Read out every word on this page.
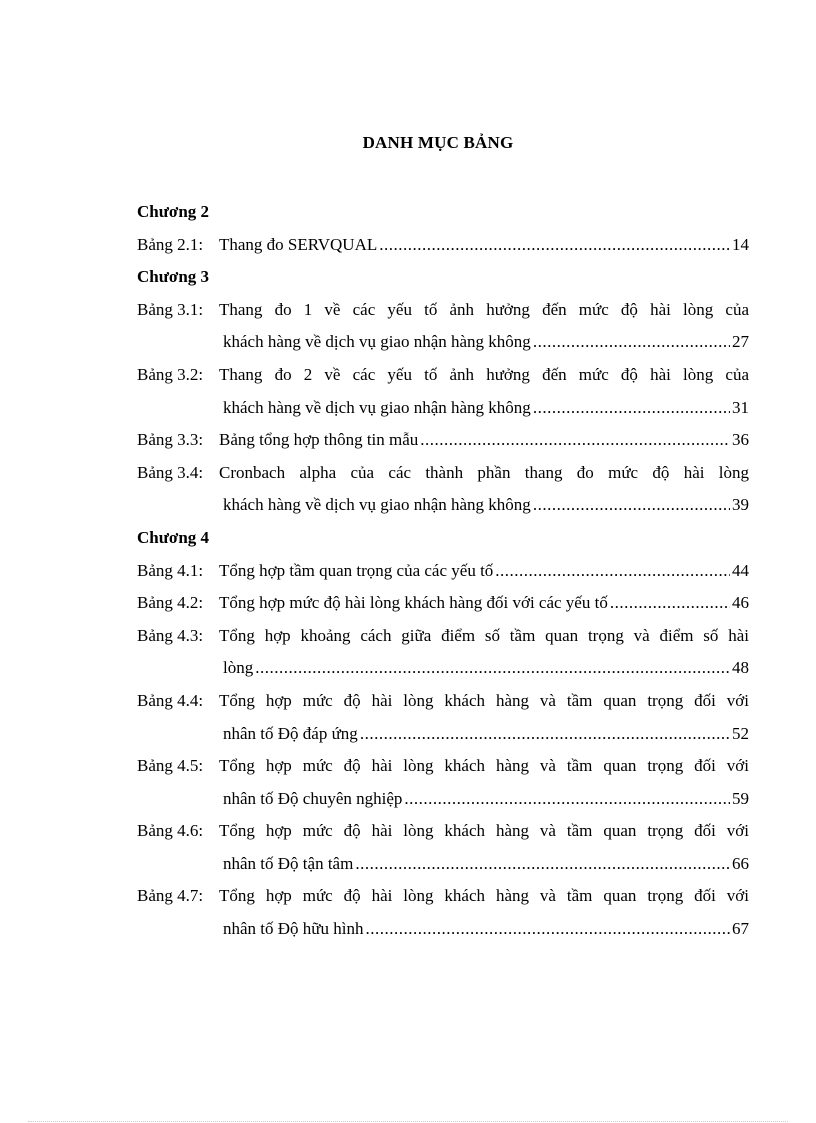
DANH MỤC BẢNG
Chương 2
Bảng 2.1: Thang đo SERVQUAL .....	14
Chương 3
Bảng 3.1: Thang đo 1 về các yếu tố ảnh hưởng đến mức độ hài lòng của
khách hàng về dịch vụ giao nhận hàng không .....	27
Bảng 3.2: Thang đo 2 về các yếu tố ảnh hưởng đến mức độ hài lòng của
khách hàng về dịch vụ giao nhận hàng không .....	31
Bảng 3.3: Bảng tổng hợp thông tin mẫu .....	36
Bảng 3.4: Cronbach alpha của các thành phần thang đo mức độ hài lòng
khách hàng về dịch vụ giao nhận hàng không .....	39
Chương 4
Bảng 4.1: Tổng hợp tầm quan trọng của các yếu tố .....	44
Bảng 4.2: Tổng hợp mức độ hài lòng khách hàng đối với các yếu tố .....	46
Bảng 4.3: Tổng hợp khoảng cách giữa điểm số tầm quan trọng và điểm số hài
lòng .....	48
Bảng 4.4: Tổng hợp mức độ hài lòng khách hàng và tầm quan trọng đối với
nhân tố Độ đáp ứng .....	52
Bảng 4.5: Tổng hợp mức độ hài lòng khách hàng và tầm quan trọng đối với
nhân tố Độ chuyên nghiệp .....	59
Bảng 4.6: Tổng hợp mức độ hài lòng khách hàng và tầm quan trọng đối với
nhân tố Độ tận tâm .....	66
Bảng 4.7: Tổng hợp mức độ hài lòng khách hàng và tầm quan trọng đối với
nhân tố Độ hữu hình .....	67
